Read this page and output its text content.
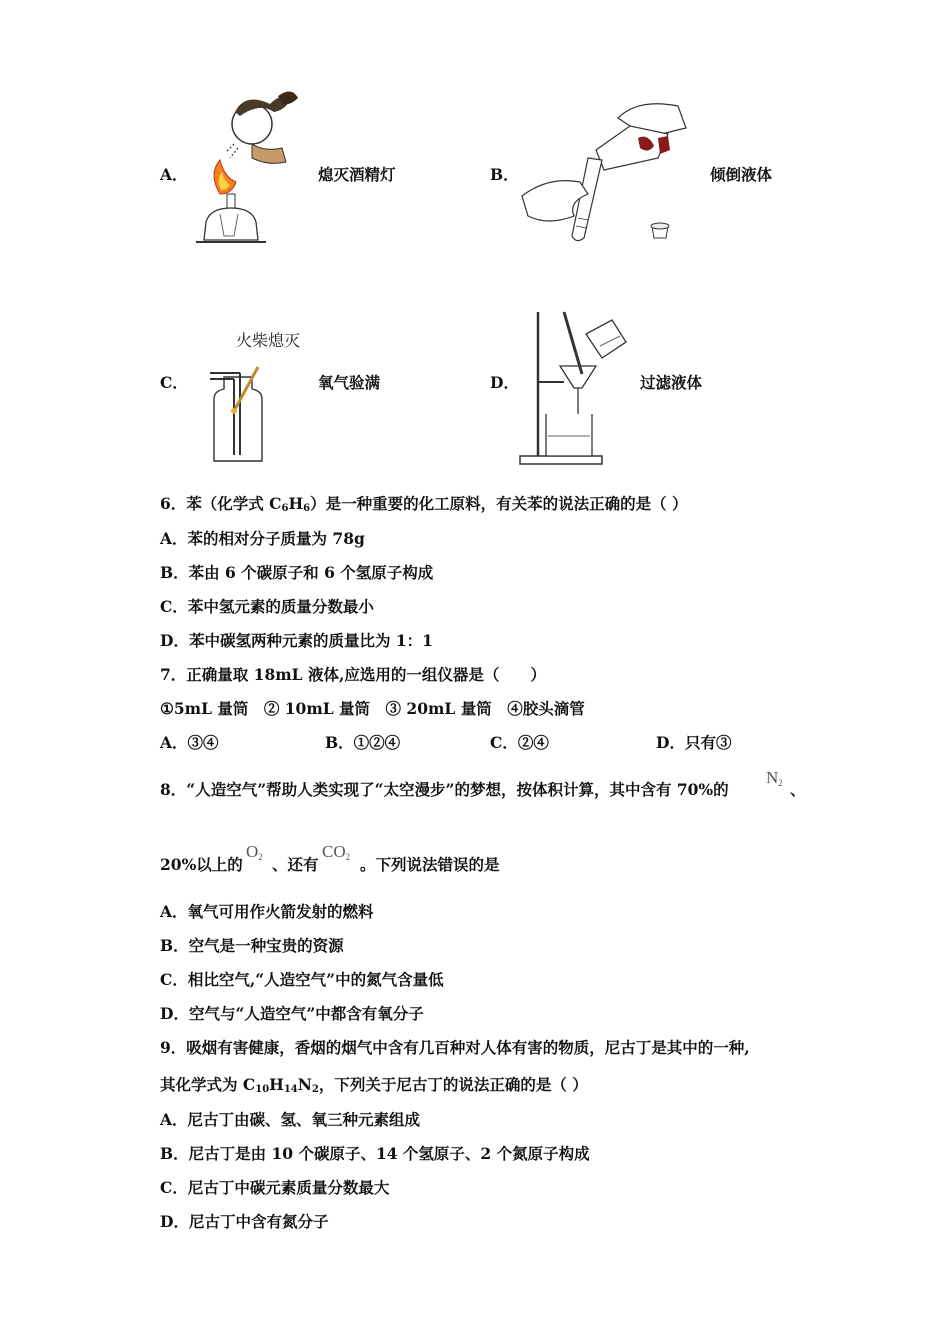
A．	熄灭酒精灯	B．	倾倒液体
C．
火柴熄灭
氧气验满	D．	过滤液体
6．苯（化学式 $C_6H_6$）是一种重要的化工原料，有关苯的说法正确的是（ ）
A．苯的相对分子质量为 78g
B．苯由 6 个碳原子和 6 个氢原子构成
C．苯中氢元素的质量分数最小
D．苯中碳氢两种元素的质量比为 1：1
7．正确量取 18mL 液体,应选用的一组仪器是（　　）
①5mL 量筒　② 10mL 量筒　③ 20mL 量筒　④胶头滴管
A．③④	B．①②④	C．②④	D．只有③
8．“人造空气”帮助人类实现了“太空漫步”的梦想，按体积计算，其中含有 70%的
N2 、
20%以上的
O2 、还有
CO2 。下列说法错误的是
A．氧气可用作火箭发射的燃料
B．空气是一种宝贵的资源
C．相比空气,“人造空气”中的氮气含量低
D．空气与“人造空气”中都含有氧分子
9．吸烟有害健康，香烟的烟气中含有几百种对人体有害的物质，尼古丁是其中的一种,
其化学式为 $C_{10}H_{14}N_2$，下列关于尼古丁的说法正确的是（ ）
A．尼古丁由碳、氢、氧三种元素组成
B．尼古丁是由 10 个碳原子、14 个氢原子、2 个氮原子构成
C．尼古丁中碳元素质量分数最大
D．尼古丁中含有氮分子
